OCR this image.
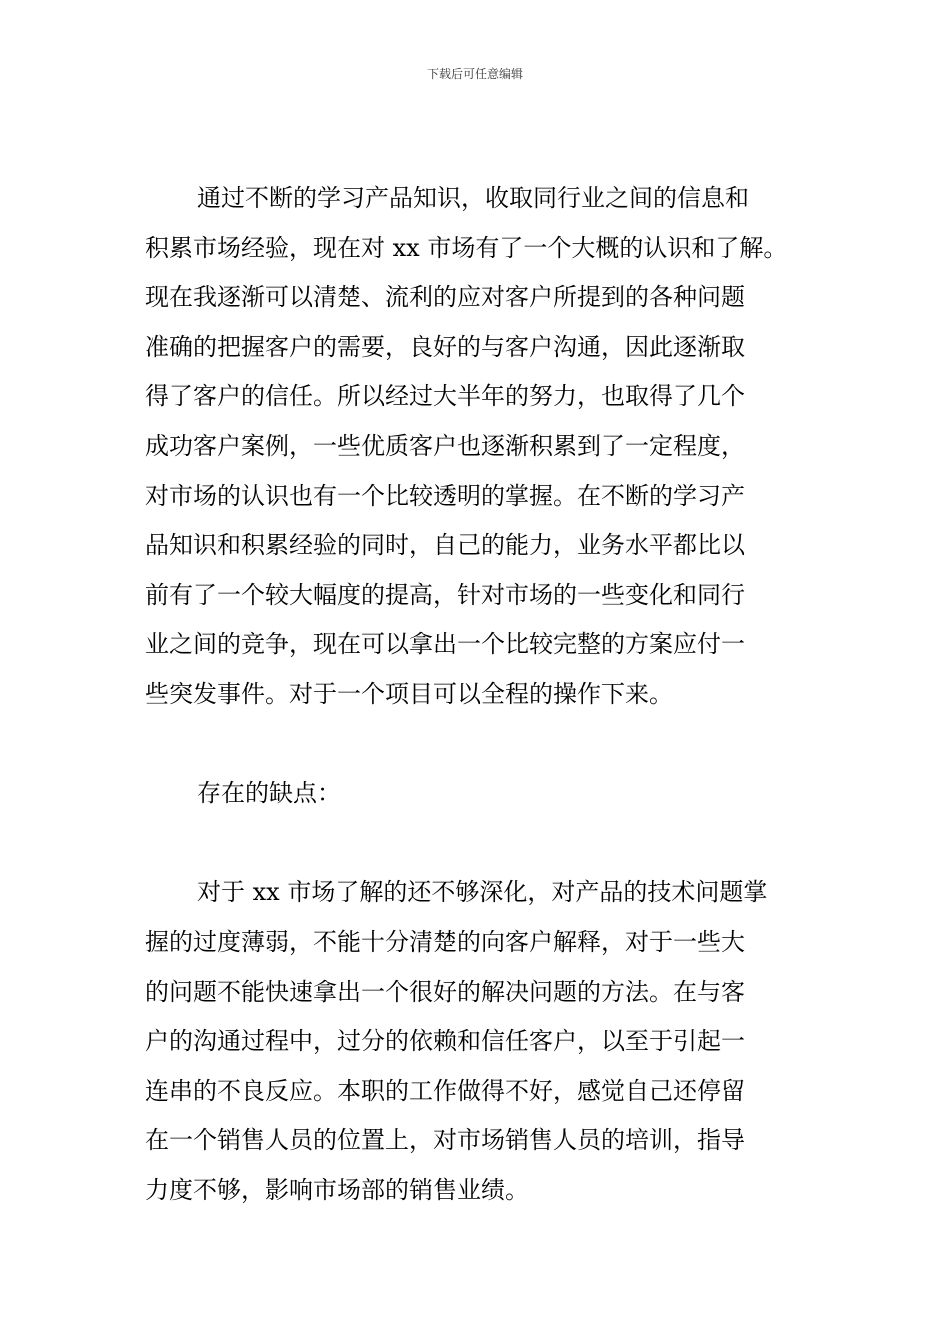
下载后可任意编辑
通过不断的学习产品知识，收取同行业之间的信息和
积累市场经验，现在对 xx 市场有了一个大概的认识和了解。
现在我逐渐可以清楚、流利的应对客户所提到的各种问题
准确的把握客户的需要，良好的与客户沟通，因此逐渐取
得了客户的信任。所以经过大半年的努力，也取得了几个
成功客户案例，一些优质客户也逐渐积累到了一定程度，
对市场的认识也有一个比较透明的掌握。在不断的学习产
品知识和积累经验的同时，自己的能力，业务水平都比以
前有了一个较大幅度的提高，针对市场的一些变化和同行
业之间的竞争，现在可以拿出一个比较完整的方案应付一
些突发事件。对于一个项目可以全程的操作下来。
存在的缺点：
对于 xx 市场了解的还不够深化，对产品的技术问题掌
握的过度薄弱，不能十分清楚的向客户解释，对于一些大
的问题不能快速拿出一个很好的解决问题的方法。在与客
户的沟通过程中，过分的依赖和信任客户，以至于引起一
连串的不良反应。本职的工作做得不好，感觉自己还停留
在一个销售人员的位置上，对市场销售人员的培训，指导
力度不够，影响市场部的销售业绩。
